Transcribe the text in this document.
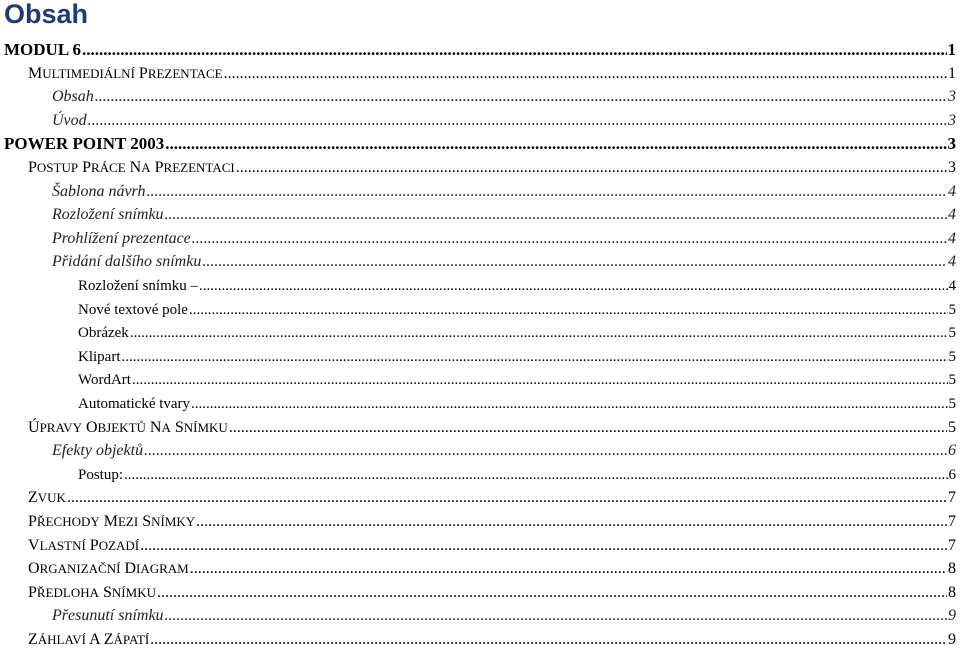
Obsah
MODUL 6 .....	1
MULTIMEDIÁLNÍ PREZENTACE .....	1
Obsah .....	3
Úvod .....	3
POWER POINT 2003 .....	3
POSTUP PRÁCE NA PREZENTACI .....	3
Šablona návrh .....	4
Rozložení snímku .....	4
Prohlížení prezentace .....	4
Přidání dalšího snímku .....	4
Rozložení snímku – .....	4
Nové textové pole .....	5
Obrázek .....	5
Klipart .....	5
WordArt .....	5
Automatické tvary .....	5
ÚPRAVY OBJEKTŮ NA SNÍMKU .....	5
Efekty objektů .....	6
Postup: .....	6
ZVUK .....	7
PŘECHODY MEZI SNÍMKY .....	7
VLASTNÍ POZADÍ .....	7
ORGANIZAČNÍ DIAGRAM .....	8
PŘEDLOHA SNÍMKU .....	8
Přesunutí snímku .....	9
ZÁHLAVÍ A ZÁPATÍ .....	9
